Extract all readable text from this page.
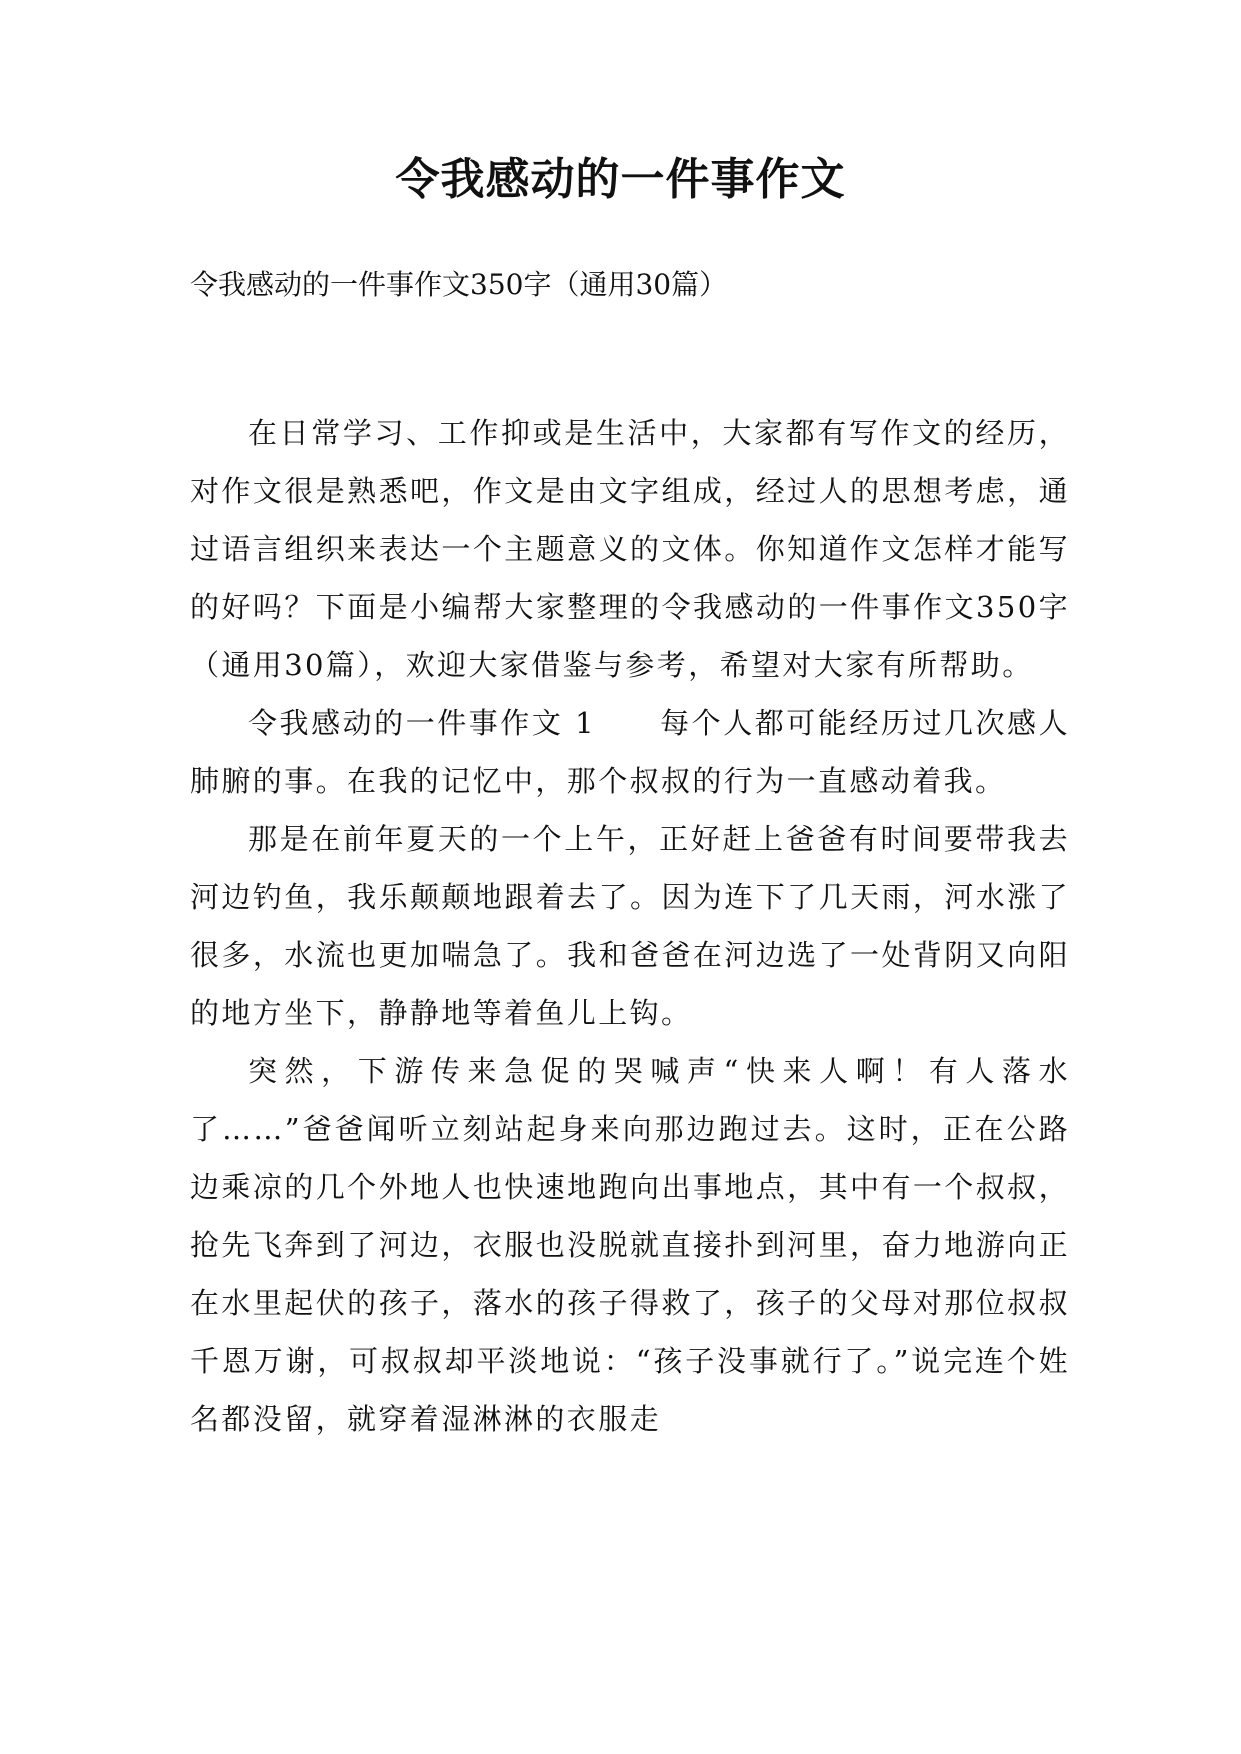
令我感动的一件事作文

令我感动的一件事作文350字（通用30篇）

在日常学习、工作抑或是生活中，大家都有写作文的经历，对作文很是熟悉吧，作文是由文字组成，经过人的思想考虑，通过语言组织来表达一个主题意义的文体。你知道作文怎样才能写的好吗？下面是小编帮大家整理的令我感动的一件事作文350字（通用30篇），欢迎大家借鉴与参考，希望对大家有所帮助。

令我感动的一件事作文 1 每个人都可能经历过几次感人肺腑的事。在我的记忆中，那个叔叔的行为一直感动着我。

那是在前年夏天的一个上午，正好赶上爸爸有时间要带我去河边钓鱼，我乐颠颠地跟着去了。因为连下了几天雨，河水涨了很多，水流也更加喘急了。我和爸爸在河边选了一处背阴又向阳的地方坐下，静静地等着鱼儿上钩。

突然，下游传来急促的哭喊声“快来人啊！有人落水了……”爸爸闻听立刻站起身来向那边跑过去。这时，正在公路边乘凉的几个外地人也快速地跑向出事地点，其中有一个叔叔，抢先飞奔到了河边，衣服也没脱就直接扑到河里，奋力地游向正在水里起伏的孩子，落水的孩子得救了，孩子的父母对那位叔叔千恩万谢，可叔叔却平淡地说：“孩子没事就行了。”说完连个姓名都没留，就穿着湿淋淋的衣服走
